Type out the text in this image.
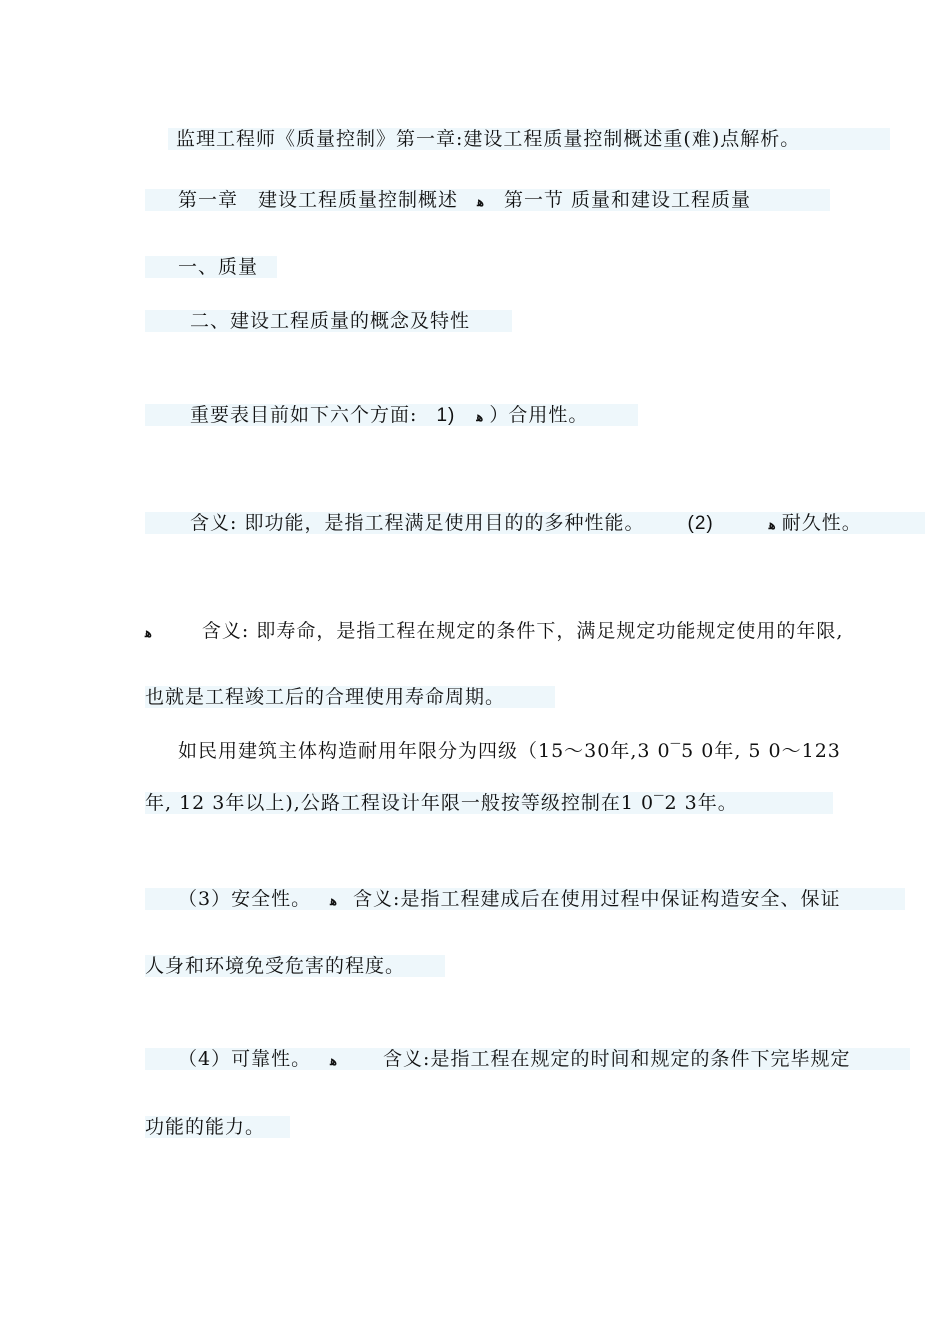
监理工程师《质量控制》第一章:建设工程质量控制概述重(难)点解析。
第一章　建设工程质量控制概述 ﻫ 第一节 质量和建设工程质量
一、质量
二、建设工程质量的概念及特性
重要表目前如下六个方面: 1) ﻫ ）合用性。
含义: 即功能，是指工程满足使用目的的多种性能。 (2)	ﻫ 耐久性。
ﻫ	含义: 即寿命，是指工程在规定的条件下，满足规定功能规定使用的年限,
也就是工程竣工后的合理使用寿命周期。
如民用建筑主体构造耐用年限分为四级（15～30年,3 0‾5 0年, 5 0～123
年, 12 3年以上),公路工程设计年限一般按等级控制在1 0‾2 3年。
（3）安全性。 ﻫ 含义:是指工程建成后在使用过程中保证构造安全、保证
人身和环境免受危害的程度。
（4）可靠性。 ﻫ 含义:是指工程在规定的时间和规定的条件下完毕规定
功能的能力。
